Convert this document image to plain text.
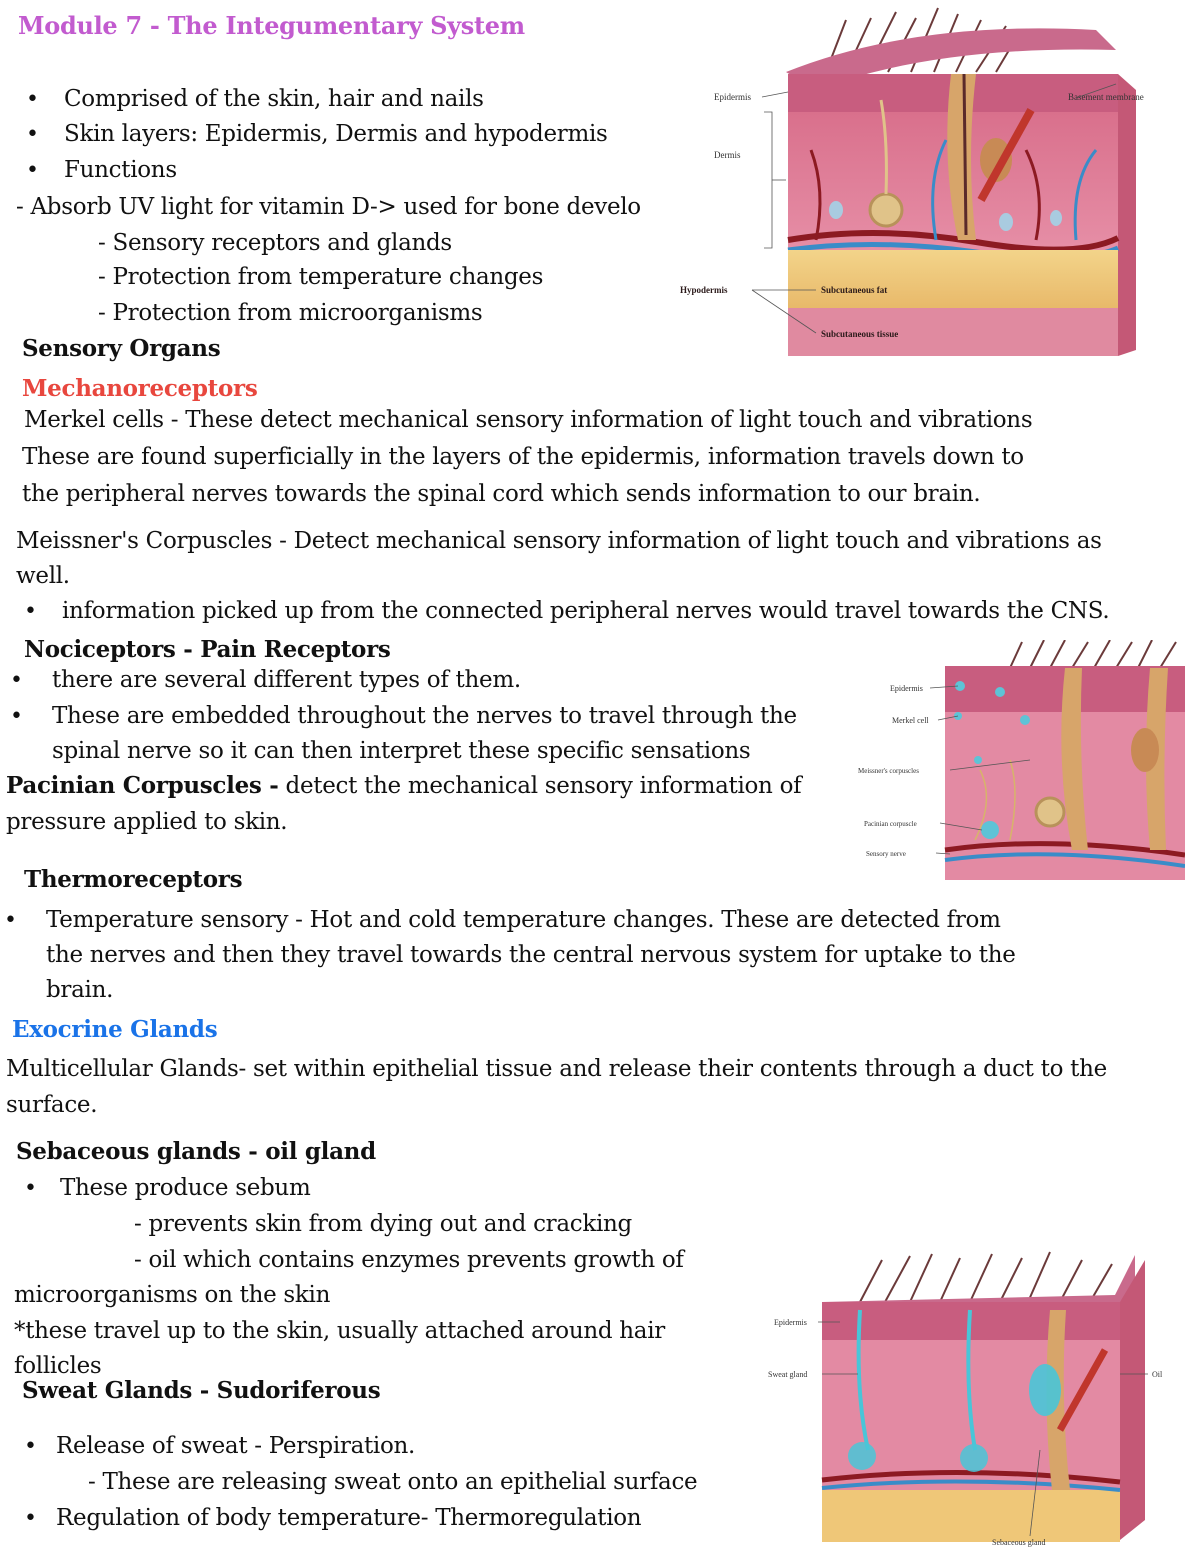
Module 7 - The Integumentary System
• Comprised of the skin, hair and nails
• Skin layers: Epidermis, Dermis and hypodermis
• Functions
- Absorb UV light for vitamin D-> used for bone develo
- Sensory receptors and glands
- Protection from temperature changes
- Protection from microorganisms
Epidermis
Dermis
Hypodermis
Basement membrane
Subcutaneous fat
Subcutaneous tissue
Sensory Organs
Mechanoreceptors
Merkel cells - These detect mechanical sensory information of light touch and vibrations
These are found superficially in the layers of the epidermis, information travels down to
the peripheral nerves towards the spinal cord which sends information to our brain.
Meissner's Corpuscles - Detect mechanical sensory information of light touch and vibrations as
well.
• information picked up from the connected peripheral nerves would travel towards the CNS.
Nociceptors - Pain Receptors
• there are several different types of them.
• These are embedded throughout the nerves to travel through the
spinal nerve so it can then interpret these specific sensations
Pacinian Corpuscles - detect the mechanical sensory information of
pressure applied to skin.
Epidermis
Merkel cell
Meissner's corpuscles
Pacinian corpuscle
Sensory nerve
Thermoreceptors
• Temperature sensory - Hot and cold temperature changes. These are detected from
the nerves and then they travel towards the central nervous system for uptake to the
brain.
Exocrine Glands
Multicellular Glands- set within epithelial tissue and release their contents through a duct to the
surface.
Sebaceous glands - oil gland
• These produce sebum
- prevents skin from dying out and cracking
- oil which contains enzymes prevents growth of
microorganisms on the skin
*these travel up to the skin, usually attached around hair
follicles
Sweat Glands - Sudoriferous
• Release of sweat - Perspiration.
- These are releasing sweat onto an epithelial surface
• Regulation of body temperature- Thermoregulation
Epidermis
Sweat gland	Oil
Sebaceous gland
